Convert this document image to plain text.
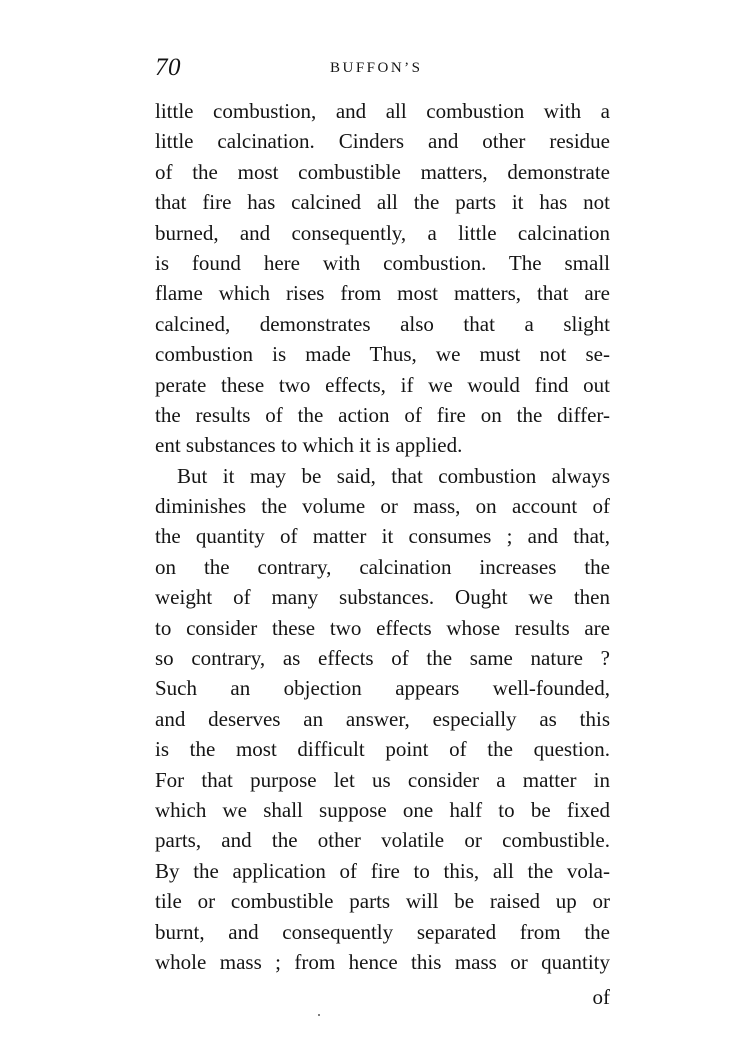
70	BUFFON’S
little combustion, and all combustion with a
little calcination. Cinders and other residue
of the most combustible matters, demonstrate
that fire has calcined all the parts it has not
burned, and consequently, a little calcination
is found here with combustion. The small
flame which rises from most matters, that are
calcined, demonstrates also that a slight
combustion is made Thus, we must not se-
perate these two effects, if we would find out
the results of the action of fire on the differ-
ent substances to which it is applied.
But it may be said, that combustion always
diminishes the volume or mass, on account of
the quantity of matter it consumes ; and that,
on the contrary, calcination increases the
weight of many substances. Ought we then
to consider these two effects whose results are
so contrary, as effects of the same nature ?
Such an objection appears well-founded,
and deserves an answer, especially as this
is the most difficult point of the question.
For that purpose let us consider a matter in
which we shall suppose one half to be fixed
parts, and the other volatile or combustible.
By the application of fire to this, all the vola-
tile or combustible parts will be raised up or
burnt, and consequently separated from the
whole mass ; from hence this mass or quantity
of
